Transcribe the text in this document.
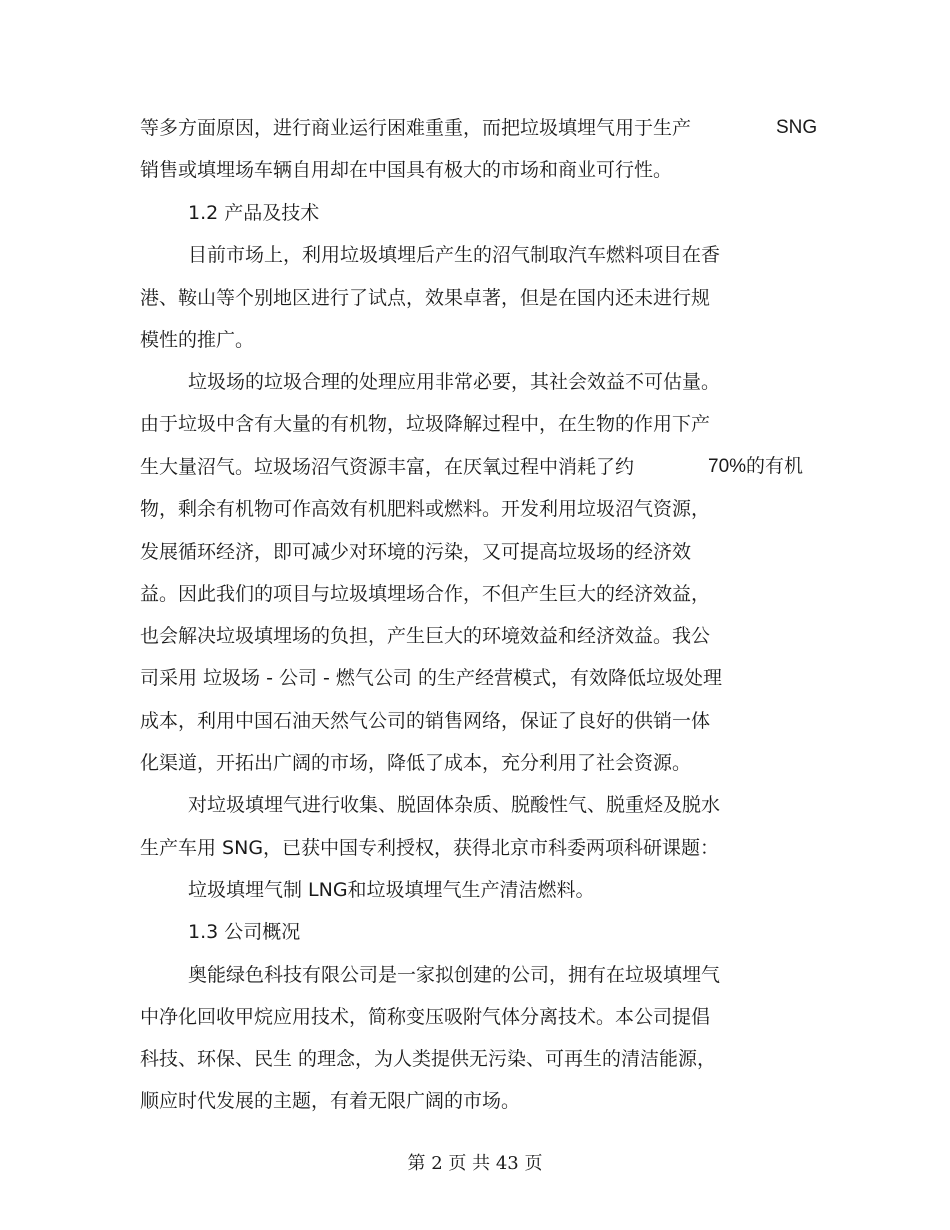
等多方面原因，进行商业运行困难重重，而把垃圾填埋气用于生产	SNG
销售或填埋场车辆自用却在中国具有极大的市场和商业可行性。
1.2 产品及技术
目前市场上，利用垃圾填埋后产生的沼气制取汽车燃料项目在香
港、鞍山等个别地区进行了试点，效果卓著，但是在国内还未进行规
模性的推广。
垃圾场的垃圾合理的处理应用非常必要，其社会效益不可估量。
由于垃圾中含有大量的有机物，垃圾降解过程中，在生物的作用下产
生大量沼气。垃圾场沼气资源丰富，在厌氧过程中消耗了约	70%的有机
物，剩余有机物可作高效有机肥料或燃料。开发利用垃圾沼气资源，
发展循环经济，即可减少对环境的污染，又可提高垃圾场的经济效
益。因此我们的项目与垃圾填埋场合作，不但产生巨大的经济效益，
也会解决垃圾填埋场的负担，产生巨大的环境效益和经济效益。我公
司采用 垃圾场 - 公司 - 燃气公司 的生产经营模式，有效降低垃圾处理
成本，利用中国石油天然气公司的销售网络，保证了良好的供销一体
化渠道，开拓出广阔的市场，降低了成本，充分利用了社会资源。
对垃圾填埋气进行收集、脱固体杂质、脱酸性气、脱重烃及脱水
生产车用 SNG，已获中国专利授权，获得北京市科委两项科研课题：
垃圾填埋气制 LNG和垃圾填埋气生产清洁燃料。
1.3 公司概况
奥能绿色科技有限公司是一家拟创建的公司，拥有在垃圾填埋气
中净化回收甲烷应用技术，简称变压吸附气体分离技术。本公司提倡
科技、环保、民生 的理念，为人类提供无污染、可再生的清洁能源，
顺应时代发展的主题，有着无限广阔的市场。
第 2 页 共 43 页
